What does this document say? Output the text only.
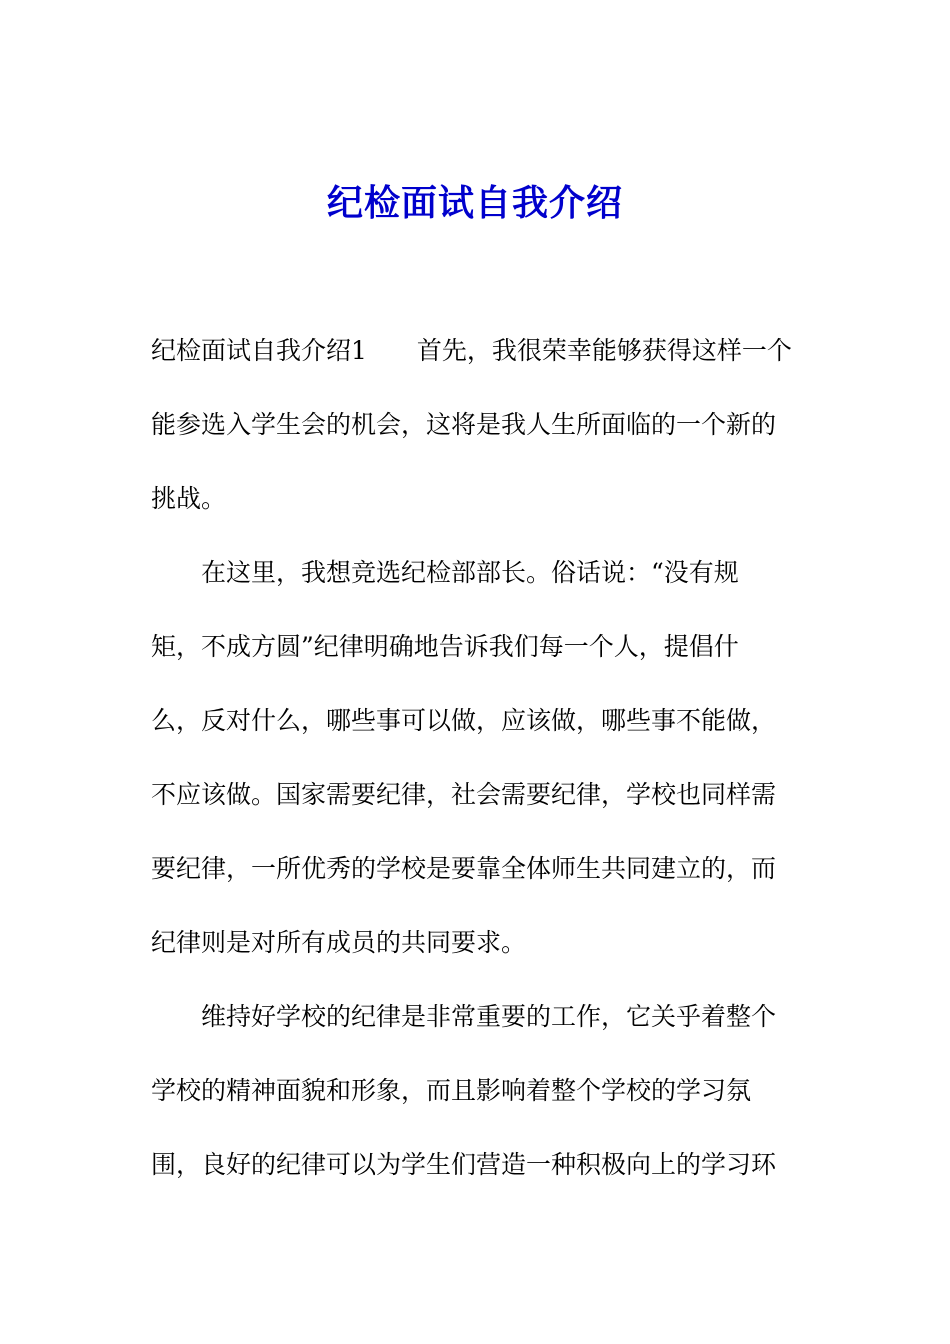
纪检面试自我介绍
纪检面试自我介绍1　　首先，我很荣幸能够获得这样一个
能参选入学生会的机会，这将是我人生所面临的一个新的
挑战。
在这里，我想竞选纪检部部长。俗话说：“没有规
矩，不成方圆”纪律明确地告诉我们每一个人，提倡什
么，反对什么，哪些事可以做，应该做，哪些事不能做，
不应该做。国家需要纪律，社会需要纪律，学校也同样需
要纪律，一所优秀的学校是要靠全体师生共同建立的，而
纪律则是对所有成员的共同要求。
维持好学校的纪律是非常重要的工作，它关乎着整个
学校的精神面貌和形象，而且影响着整个学校的学习氛
围，良好的纪律可以为学生们营造一种积极向上的学习环
